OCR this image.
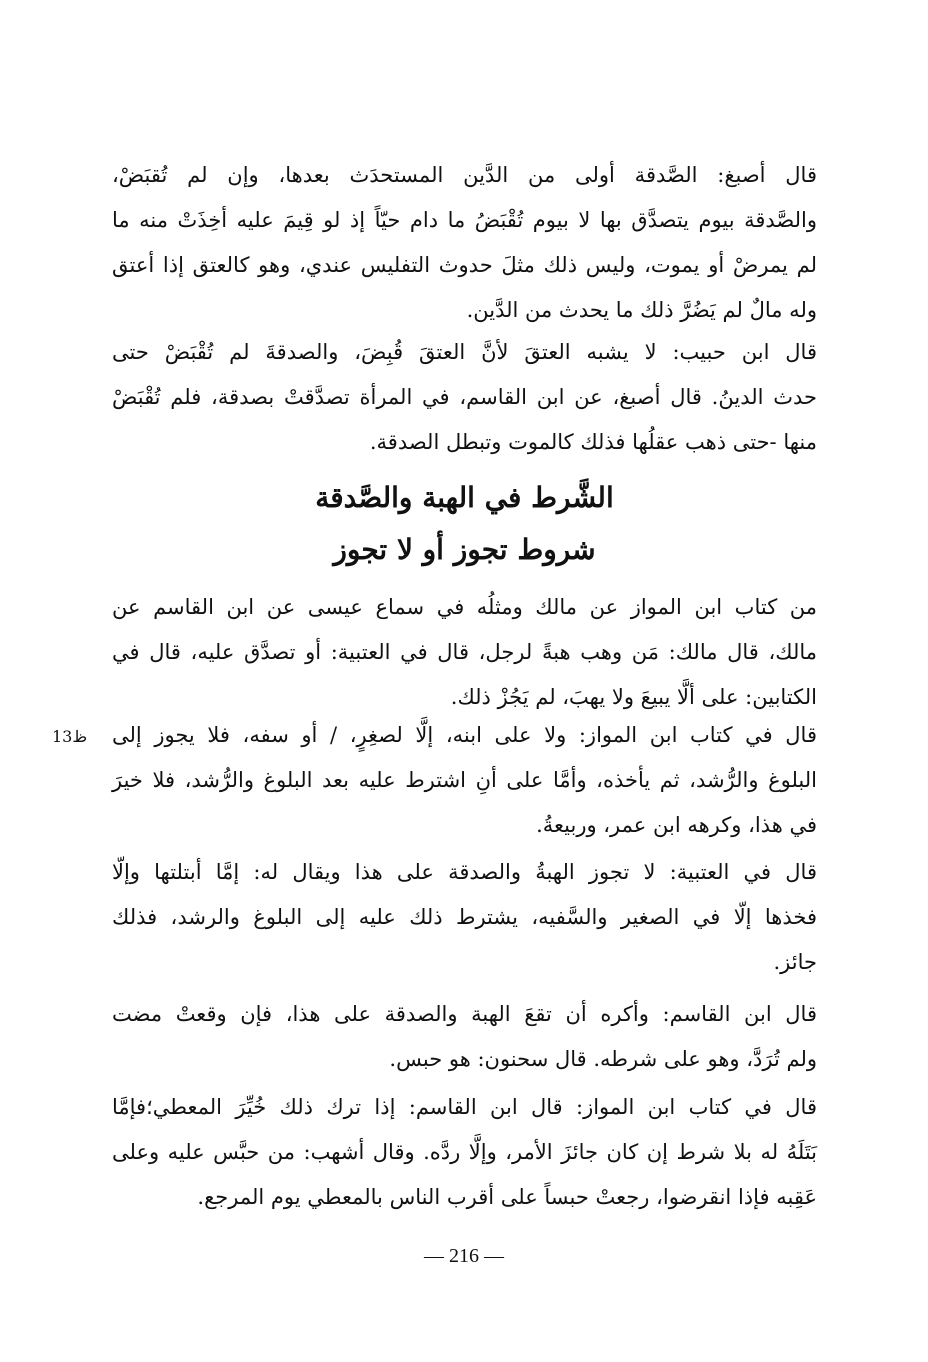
قال أصبغ: الصَّدقة أولى من الدَّين المستحدَث بعدها، وإن لم تُقبَضْ،
والصَّدقة بيوم يتصدَّق بها لا بيوم تُقْبَضُ ما دام حيّاً إذ لو قِيمَ عليه أخِذَتْ منه ما
لم يمرضْ أو يموت، وليس ذلك مثلَ حدوث التفليس عندي، وهو كالعتق إذا أعتق
وله مالٌ لم يَضُرَّ ذلك ما يحدث من الدَّين.
قال ابن حبيب: لا يشبه العتقَ لأنَّ العتقَ قُبِضَ، والصدقةَ لم تُقْبَضْ حتى
حدث الدينُ. قال أصبغ، عن ابن القاسم، في المرأة تصدَّقتْ بصدقة، فلم تُقْبَضْ
منها -حتى ذهب عقلُها فذلك كالموت وتبطل الصدقة.
الشَّرط في الهبة والصَّدقة
شروط تجوز أو لا تجوز
من كتاب ابن المواز عن مالك ومثلُه في سماع عيسى عن ابن القاسم عن
مالك، قال مالك: مَن وهب هبةً لرجل، قال في العتبية: أو تصدَّق عليه، قال في
الكتابين: على ألَّا يبيعَ ولا يهبَ، لم يَجُزْ ذلك.
قال في كتاب ابن المواز: ولا على ابنه، إلَّا لصغِرٍ، / أو سفه، فلا يجوز إلى
البلوغ والرُّشد، ثم يأخذه، وأمَّا على أنِ اشترط عليه بعد البلوغ والرُّشد، فلا خيرَ
في هذا، وكرهه ابن عمر، وربيعةُ.
ظ13
قال في العتبية: لا تجوز الهبةُ والصدقة على هذا ويقال له: إمَّا أبتلتها وإلّا
فخذها إلّا في الصغير والسَّفيه، يشترط ذلك عليه إلى البلوغ والرشد، فذلك
جائز.
قال ابن القاسم: وأكره أن تقعَ الهبة والصدقة على هذا، فإن وقعتْ مضت
ولم تُرَدَّ، وهو على شرطه. قال سحنون: هو حبس.
قال في كتاب ابن المواز: قال ابن القاسم: إذا ترك ذلك خُيِّرَ المعطي؛فإمَّا
بَتَلَهُ له بلا شرط إن كان جائزَ الأمر، وإلَّا ردَّه. وقال أشهب: من حبَّس عليه وعلى
عَقِبه فإذا انقرضوا، رجعتْ حبساً على أقرب الناس بالمعطي يوم المرجع.
— 216 —
